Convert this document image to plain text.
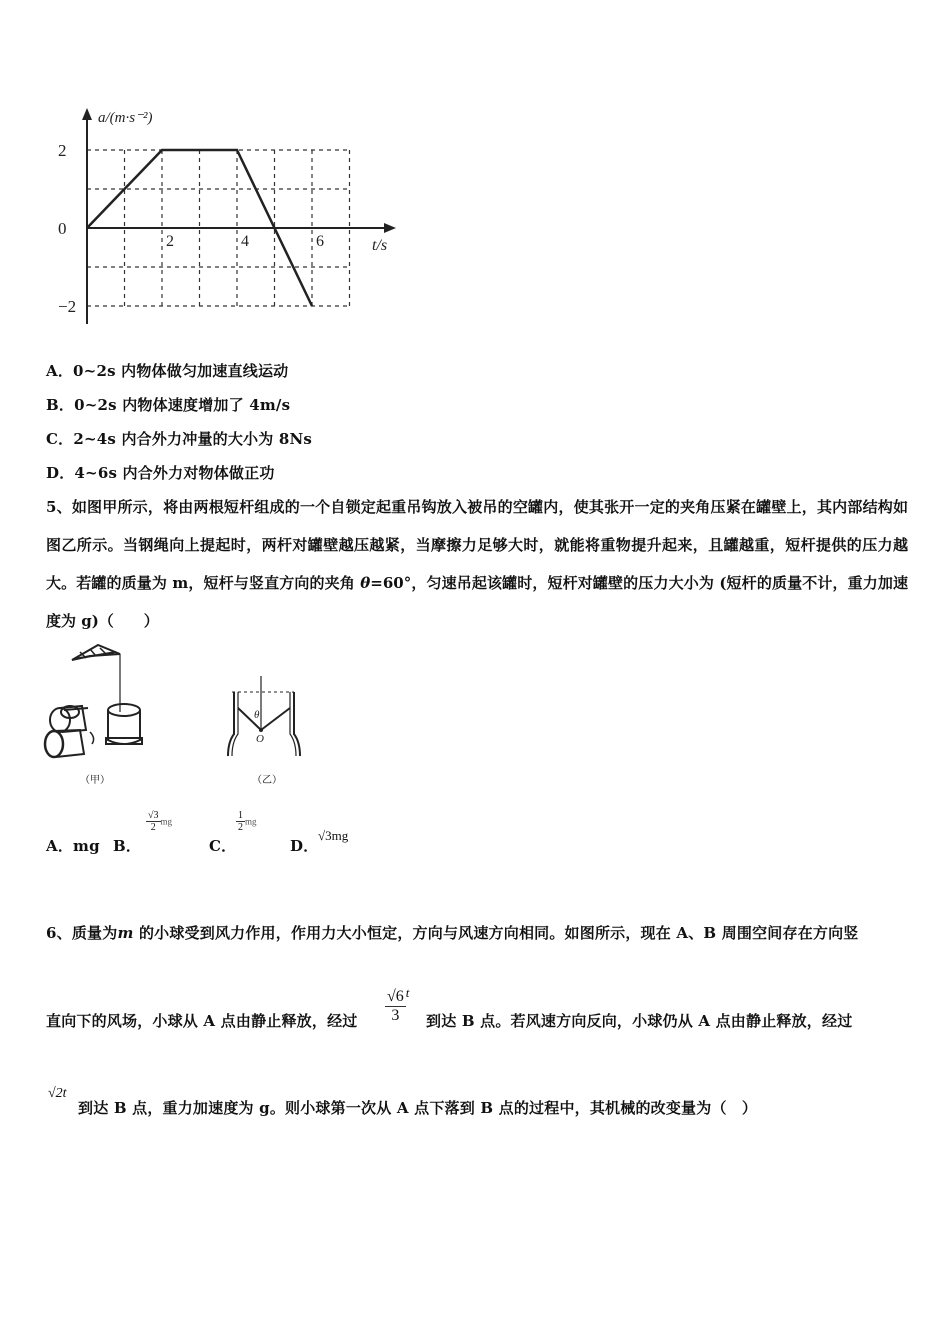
a/(m·s⁻²)
t/s
2	4	6
2
0
−2
A．0~2s 内物体做匀加速直线运动
B．0~2s 内物体速度增加了 4m/s
C．2~4s 内合外力冲量的大小为 8Ns
D．4~6s 内合外力对物体做正功
5、如图甲所示，将由两根短杆组成的一个自锁定起重吊钩放入被吊的空罐内，使其张开一定的夹角压紧在罐壁上，其内部结构如图乙所示。当钢绳向上提起时，两杆对罐壁越压越紧，当摩擦力足够大时，就能将重物提升起来，且罐越重，短杆提供的压力越大。若罐的质量为 m，短杆与竖直方向的夹角 θ=60°，匀速吊起该罐时，短杆对罐壁的压力大小为 (短杆的质量不计，重力加速度为 g)（　　）
（甲）
θ
O
（乙）
A．mg B．
$\frac{√3}{2}$ mg
C．
$\frac{1}{2}$ mg
D．
√3mg
6、质量为m 的小球受到风力作用，作用力大小恒定，方向与风速方向相同。如图所示，现在 A、B 周围空间存在方向竖
直向下的风场，小球从 A 点由静止释放，经过 $\frac{√6}{3} ^t$
到达 B 点。若风速方向反向，小球仍从 A 点由静止释放，经过
√2t
到达 B 点，重力加速度为 g。则小球第一次从 A 点下落到 B 点的过程中，其机械的改变量为（　）
